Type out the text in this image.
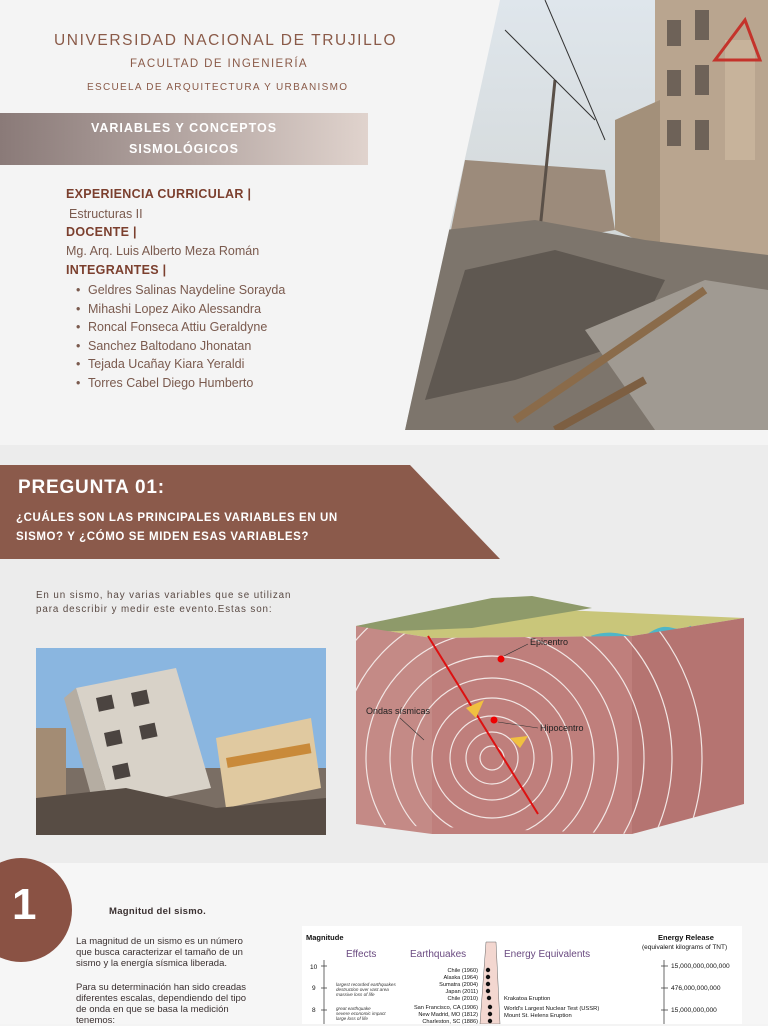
UNIVERSIDAD NACIONAL DE TRUJILLO
FACULTAD DE INGENIERÍA
ESCUELA DE ARQUITECTURA Y URBANISMO
VARIABLES Y CONCEPTOS
SISMOLÓGICOS
EXPERIENCIA CURRICULAR |
Estructuras II
DOCENTE |
Mg. Arq. Luis Alberto Meza Román
INTEGRANTES |
• Geldres Salinas Naydeline Sorayda
• Mihashi Lopez Aiko Alessandra
• Roncal Fonseca Attiu Geraldyne
• Sanchez Baltodano Jhonatan
• Tejada Ucañay Kiara Yeraldi
• Torres Cabel Diego Humberto
PREGUNTA 01:
¿CUÁLES SON LAS PRINCIPALES VARIABLES EN UN
SISMO? Y ¿CÓMO SE MIDEN ESAS VARIABLES?
En un sismo, hay varias variables que se utilizan
para describir y medir este evento.Estas son:
Epicentro
Hipocentro
Ondas sísmicas
1	Magnitud del sismo.
La magnitud de un sismo es un número
que busca caracterizar el tamaño de un
sismo y la energía sísmica liberada.
Para su determinación han sido creadas
diferentes escalas, dependiendo del tipo
de onda en que se basa la medición
tenemos:
Magnitude
Effects	Earthquakes	Energy Equivalents
Energy Release
(equivalent kilograms of TNT)
10
9
8
largest recorded earthquakes
destruction over vast area
massive loss of life
great earthquake
severe economic impact
large loss of life
Chile (1960)
Alaska (1964)
Sumatra (2004)
Japan (2011)
Chile (2010)
San Francisco, CA (1906)
New Madrid, MO (1812)
Charleston, SC (1886)
Krakatoa Eruption
World's Largest Nuclear Test (USSR)
Mount St. Helens Eruption
15,000,000,000,000
476,000,000,000
15,000,000,000
